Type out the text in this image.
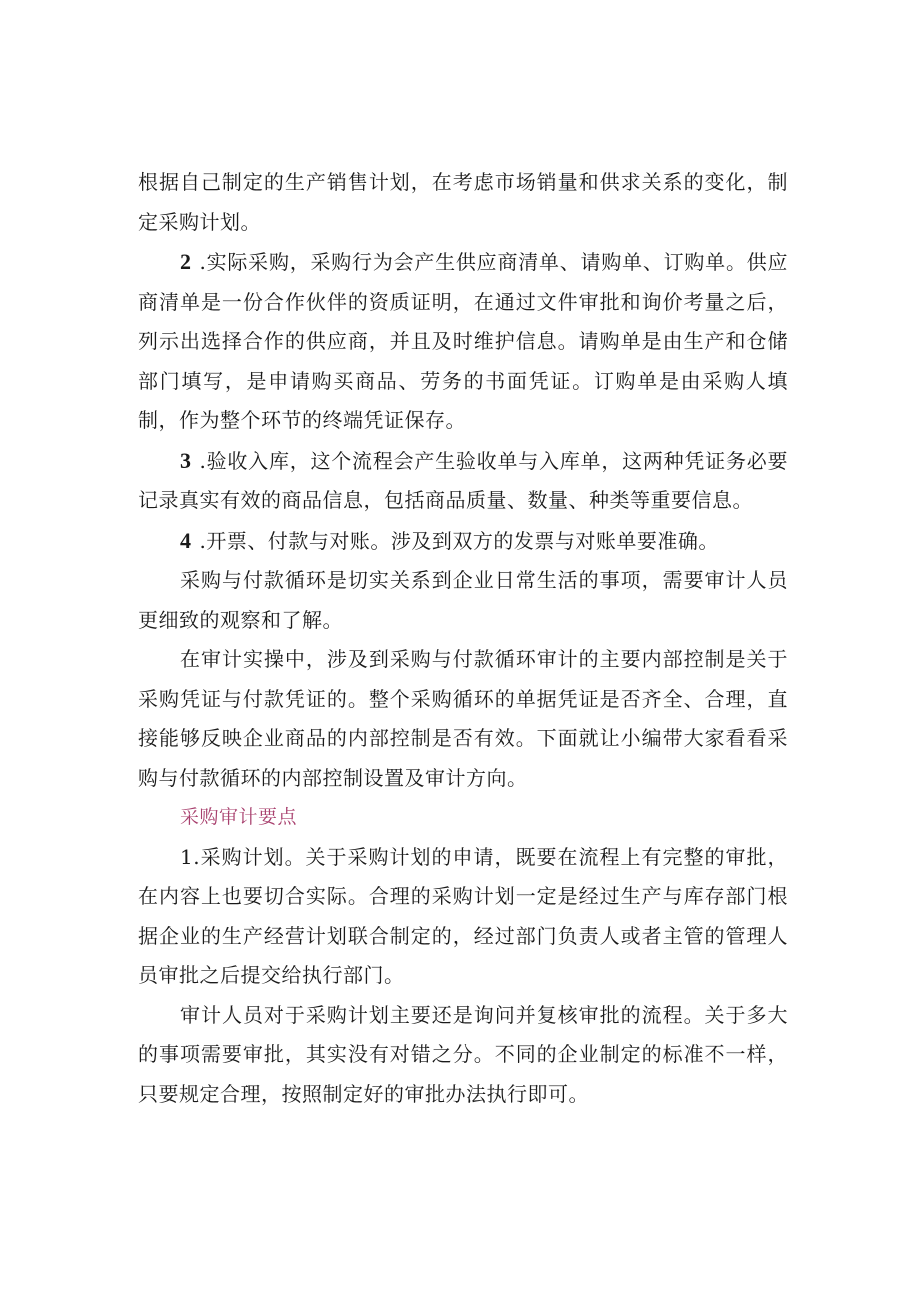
根据自己制定的生产销售计划，在考虑市场销量和供求关系的变化，制定采购计划。

2 .实际采购，采购行为会产生供应商清单、请购单、订购单。供应商清单是一份合作伙伴的资质证明，在通过文件审批和询价考量之后，列示出选择合作的供应商，并且及时维护信息。请购单是由生产和仓储部门填写，是申请购买商品、劳务的书面凭证。订购单是由采购人填制，作为整个环节的终端凭证保存。

3 .验收入库，这个流程会产生验收单与入库单，这两种凭证务必要记录真实有效的商品信息，包括商品质量、数量、种类等重要信息。

4 .开票、付款与对账。涉及到双方的发票与对账单要准确。

采购与付款循环是切实关系到企业日常生活的事项，需要审计人员更细致的观察和了解。

在审计实操中，涉及到采购与付款循环审计的主要内部控制是关于采购凭证与付款凭证的。整个采购循环的单据凭证是否齐全、合理，直接能够反映企业商品的内部控制是否有效。下面就让小编带大家看看采购与付款循环的内部控制设置及审计方向。

采购审计要点

1.采购计划。关于采购计划的申请，既要在流程上有完整的审批，在内容上也要切合实际。合理的采购计划一定是经过生产与库存部门根据企业的生产经营计划联合制定的，经过部门负责人或者主管的管理人员审批之后提交给执行部门。

审计人员对于采购计划主要还是询问并复核审批的流程。关于多大的事项需要审批，其实没有对错之分。不同的企业制定的标准不一样，只要规定合理，按照制定好的审批办法执行即可。
